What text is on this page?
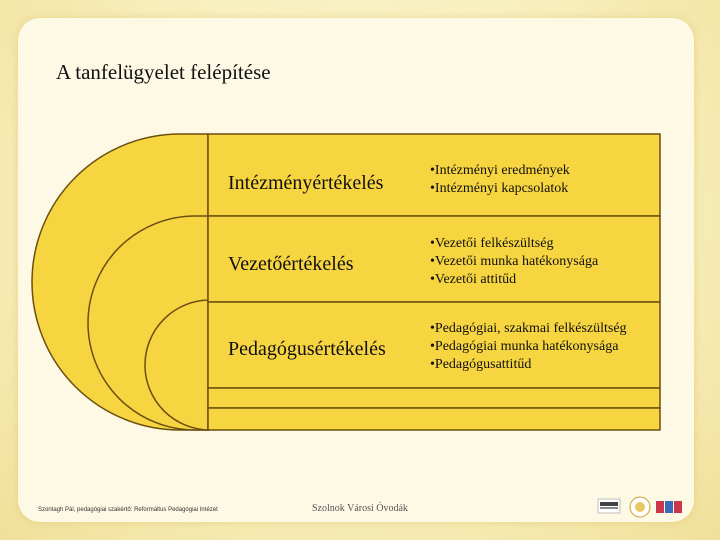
A tanfelügyelet felépítése
Intézményértékelés
•Intézményi eredmények
•Intézményi kapcsolatok
Vezetőértékelés
•Vezetői felkészültség
•Vezetői munka hatékonysága
•Vezetői attitűd
Pedagógusértékelés
•Pedagógiai, szakmai felkészültség
•Pedagógiai munka hatékonysága
•Pedagógusattitűd
Szontagh Pál, pedagógiai szakértő: Reformáltus Pedagógiai Intézet	Szolnok Városi Óvodák
